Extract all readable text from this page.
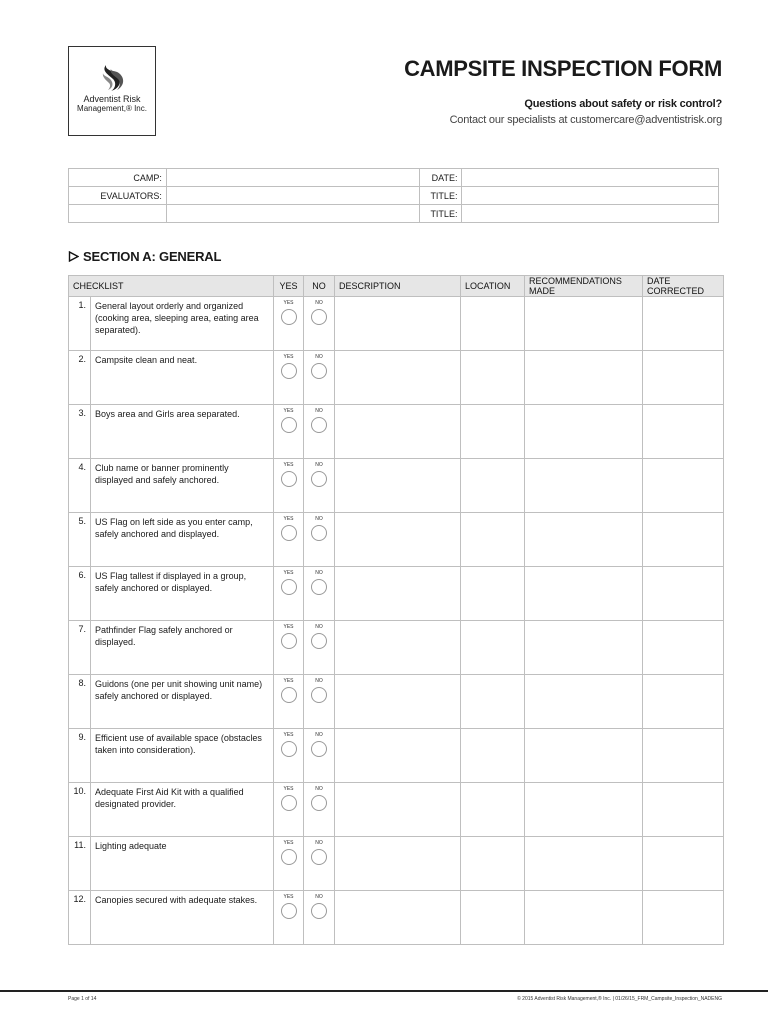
Adventist Risk
Management,® Inc.
CAMPSITE INSPECTION FORM
Questions about safety or risk control?
Contact our specialists at customercare@adventistrisk.org
CAMP:		DATE:	
EVALUATORS:		TITLE:	
		TITLE:	
SECTION A: GENERAL
CHECKLIST		YES	NO	DESCRIPTION	LOCATION	RECOMMENDATIONS MADE	DATE CORRECTED
1.	General layout orderly and organized (cooking area, sleeping area, eating area separated).	YES	NO				

2.	Campsite clean and neat.	YES	NO				

3.	Boys area and Girls area separated.	YES	NO				

4.	Club name or banner prominently displayed and safely anchored.	YES	NO				

5.	US Flag on left side as you enter camp, safely anchored and displayed.	YES	NO				

6.	US Flag tallest if displayed in a group, safely anchored or displayed.	YES	NO				

7.	Pathfinder Flag safely anchored or displayed.	YES	NO				

8.	Guidons (one per unit showing unit name) safely anchored or displayed.	YES	NO				

9.	Efficient use of available space (obstacles taken into consideration).	YES	NO				

10.	Adequate First Aid Kit with a qualified designated provider.	YES	NO				

11.	Lighting adequate	YES	NO				

12.	Canopies secured with adequate stakes.	YES	NO				

Page 1 of 14	© 2015 Adventist Risk Management,® Inc. | 01/26/15_FRM_Campsite_Inspection_NADENG
